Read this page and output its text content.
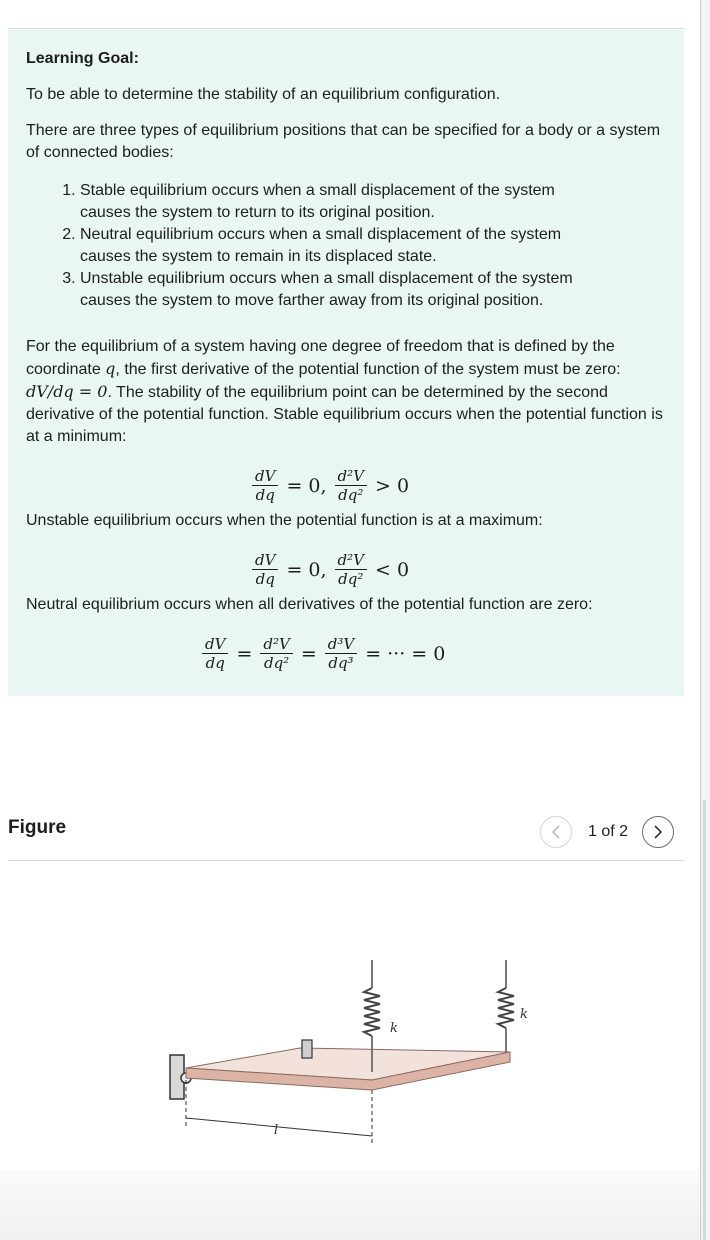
Learning Goal:
To be able to determine the stability of an equilibrium configuration.
There are three types of equilibrium positions that can be specified for a body or a system of connected bodies:
1. Stable equilibrium occurs when a small displacement of the system causes the system to return to its original position.
2. Neutral equilibrium occurs when a small displacement of the system causes the system to remain in its displaced state.
3. Unstable equilibrium occurs when a small displacement of the system causes the system to move farther away from its original position.
For the equilibrium of a system having one degree of freedom that is defined by the coordinate q, the first derivative of the potential function of the system must be zero: dV/dq = 0. The stability of the equilibrium point can be determined by the second derivative of the potential function. Stable equilibrium occurs when the potential function is at a minimum:
$\frac{dV}{dq} = 0$, $\frac{\text{d²V}}{\text{dq²}} > 0$
Unstable equilibrium occurs when the potential function is at a maximum:
$\frac{dV}{dq} = 0$, $\frac{\text{d²V}}{\text{dq²}} < 0$
Neutral equilibrium occurs when all derivatives of the potential function are zero:
$\frac{dV}{dq} = \frac{\text{d²V}}{\text{dq²}} = \frac{\text{d³V}}{\text{dq³}}$ = ··· = 0
Figure	1 of 2
k
k
l
